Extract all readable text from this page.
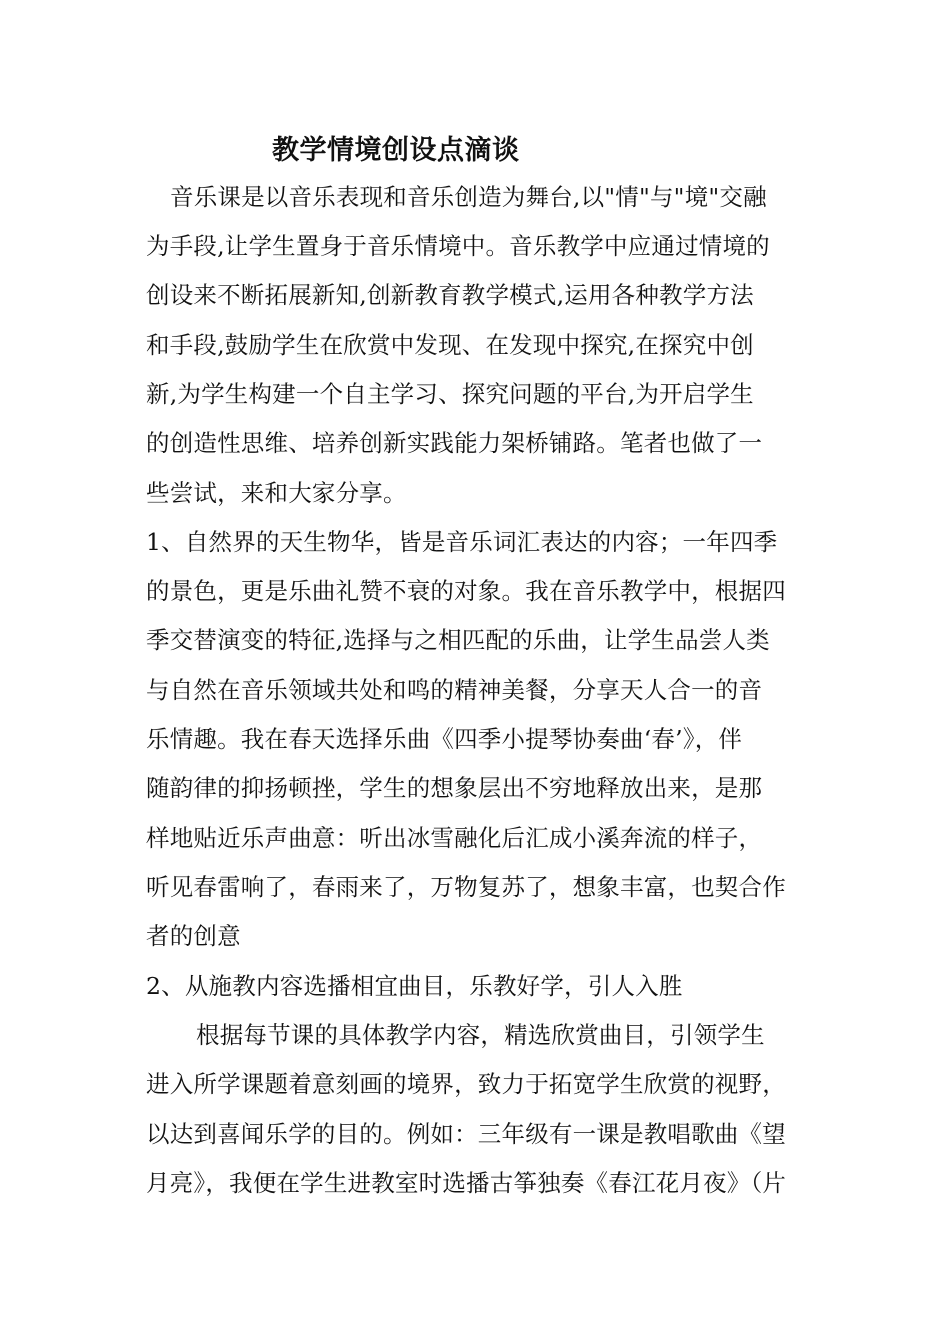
教学情境创设点滴谈
音乐课是以音乐表现和音乐创造为舞台,以"情"与"境"交融
为手段,让学生置身于音乐情境中。音乐教学中应通过情境的
创设来不断拓展新知,创新教育教学模式,运用各种教学方法
和手段,鼓励学生在欣赏中发现、在发现中探究,在探究中创
新,为学生构建一个自主学习、探究问题的平台,为开启学生
的创造性思维、培养创新实践能力架桥铺路。笔者也做了一
些尝试，来和大家分享。
1、自然界的天生物华，皆是音乐词汇表达的内容；一年四季
的景色，更是乐曲礼赞不衰的对象。我在音乐教学中，根据四
季交替演变的特征,选择与之相匹配的乐曲，让学生品尝人类
与自然在音乐领域共处和鸣的精神美餐，分享天人合一的音
乐情趣。我在春天选择乐曲《四季小提琴协奏曲‘春’》，伴
随韵律的抑扬顿挫，学生的想象层出不穷地释放出来，是那
样地贴近乐声曲意：听出冰雪融化后汇成小溪奔流的样子，
听见春雷响了，春雨来了，万物复苏了，想象丰富，也契合作
者的创意
2、从施教内容选播相宜曲目，乐教好学，引人入胜
根据每节课的具体教学内容，精选欣赏曲目，引领学生
进入所学课题着意刻画的境界，致力于拓宽学生欣赏的视野，
以达到喜闻乐学的目的。例如：三年级有一课是教唱歌曲《望
月亮》，我便在学生进教室时选播古筝独奏《春江花月夜》（片
